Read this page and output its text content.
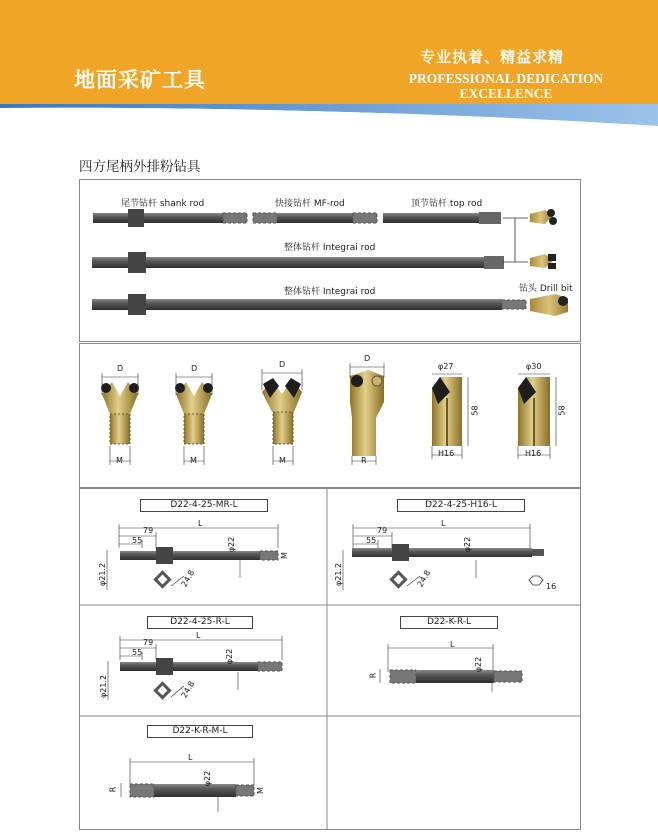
地面采矿工具
专业执着、精益求精
PROFESSIONAL DEDICATION
EXCELLENCE
四方尾柄外排粉钻具
尾节钻杆 shank rod	快接钻杆 MF-rod	顶节钻杆 top rod
整体钻杆 Integrai rod
整体钻杆 Integrai rod	钻头 Drill bit
D
M
D
M
D
M
D
R
φ27
58
H16
φ30
58
H16
D22-4-25-MR-L
79
55
L
φ22
φ21.2	24.8
M
D22-4-25-H16-L
79
55
L
φ22
φ21.2	24.8	16
D22-4-25-R-L
79
55
L
φ22
φ21.2	24.8
D22-K-R-L
L
φ22
R
D22-K-R-M-L
L
φ22
R	M
